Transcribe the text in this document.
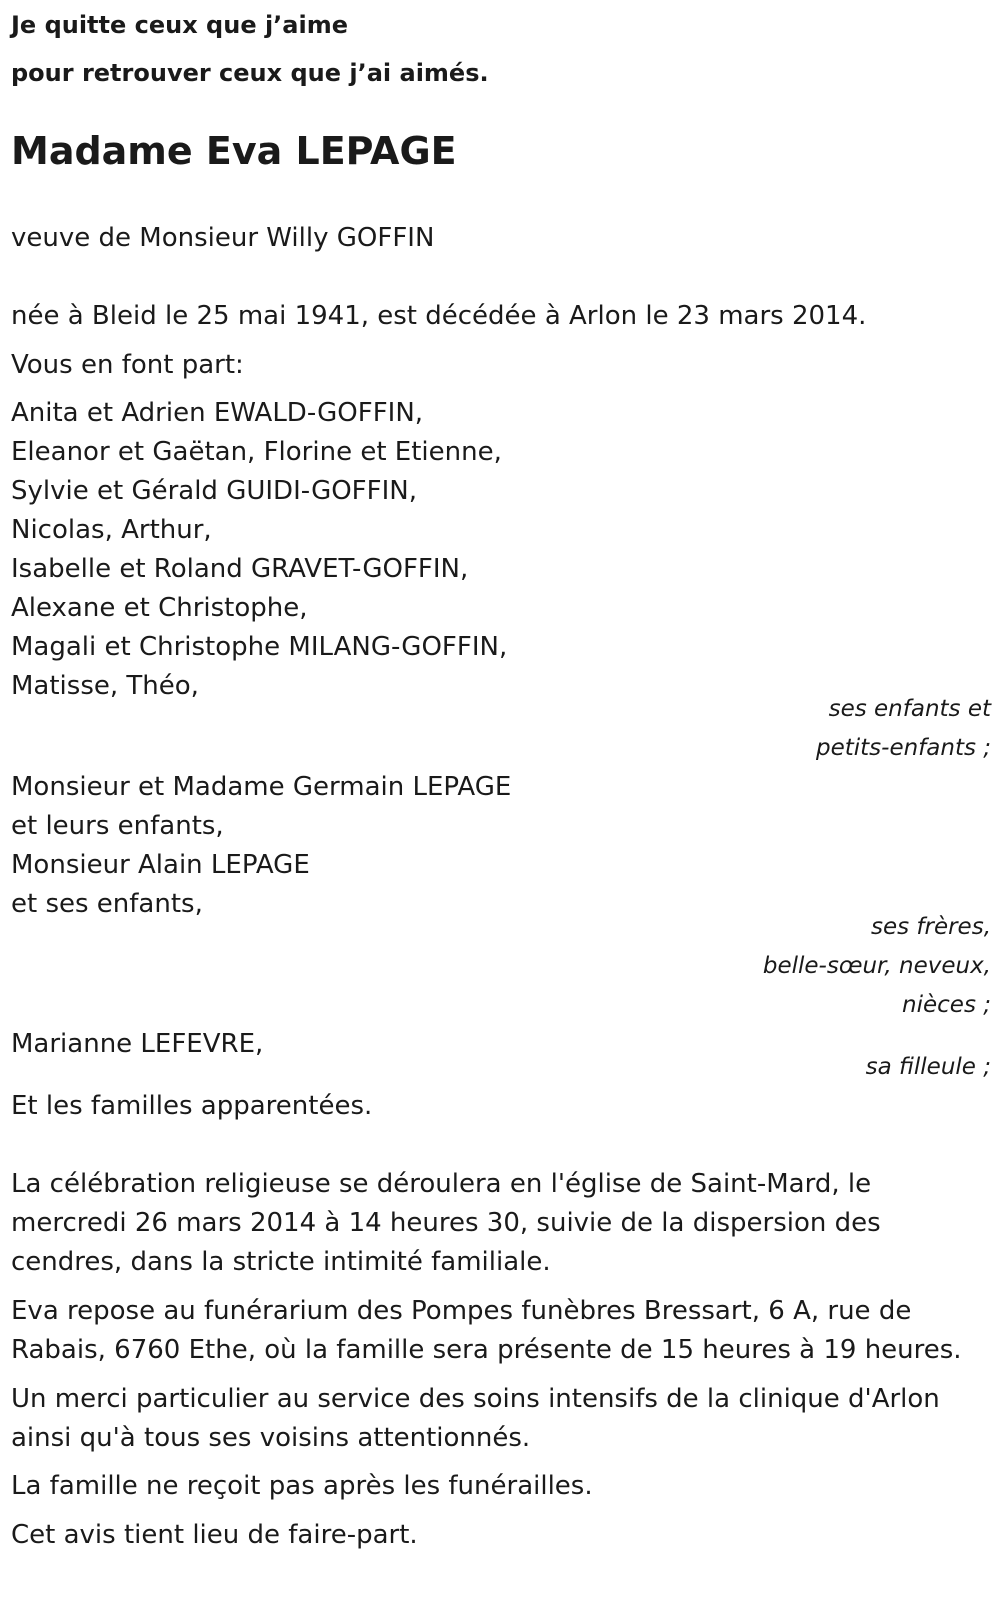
Je quitte ceux que j’aime
pour retrouver ceux que j’ai aimés.
Madame Eva LEPAGE
veuve de Monsieur Willy GOFFIN
née à Bleid le 25 mai 1941, est décédée à Arlon le 23 mars 2014.
Vous en font part:
Anita et Adrien EWALD-GOFFIN,
Eleanor et Gaëtan, Florine et Etienne,
Sylvie et Gérald GUIDI-GOFFIN,
Nicolas, Arthur,
Isabelle et Roland GRAVET-GOFFIN,
Alexane et Christophe,
Magali et Christophe MILANG-GOFFIN,
Matisse, Théo,
ses enfants et
petits-enfants ;
Monsieur et Madame Germain LEPAGE
et leurs enfants,
Monsieur Alain LEPAGE
et ses enfants,
ses frères,
belle-sœur, neveux,
nièces ;
Marianne LEFEVRE,
sa filleule ;
Et les familles apparentées.
La célébration religieuse se déroulera en l'église de Saint-Mard, le
mercredi 26 mars 2014 à 14 heures 30, suivie de la dispersion des
cendres, dans la stricte intimité familiale.
Eva repose au funérarium des Pompes funèbres Bressart, 6 A, rue de
Rabais, 6760 Ethe, où la famille sera présente de 15 heures à 19 heures.
Un merci particulier au service des soins intensifs de la clinique d'Arlon
ainsi qu'à tous ses voisins attentionnés.
La famille ne reçoit pas après les funérailles.
Cet avis tient lieu de faire-part.
